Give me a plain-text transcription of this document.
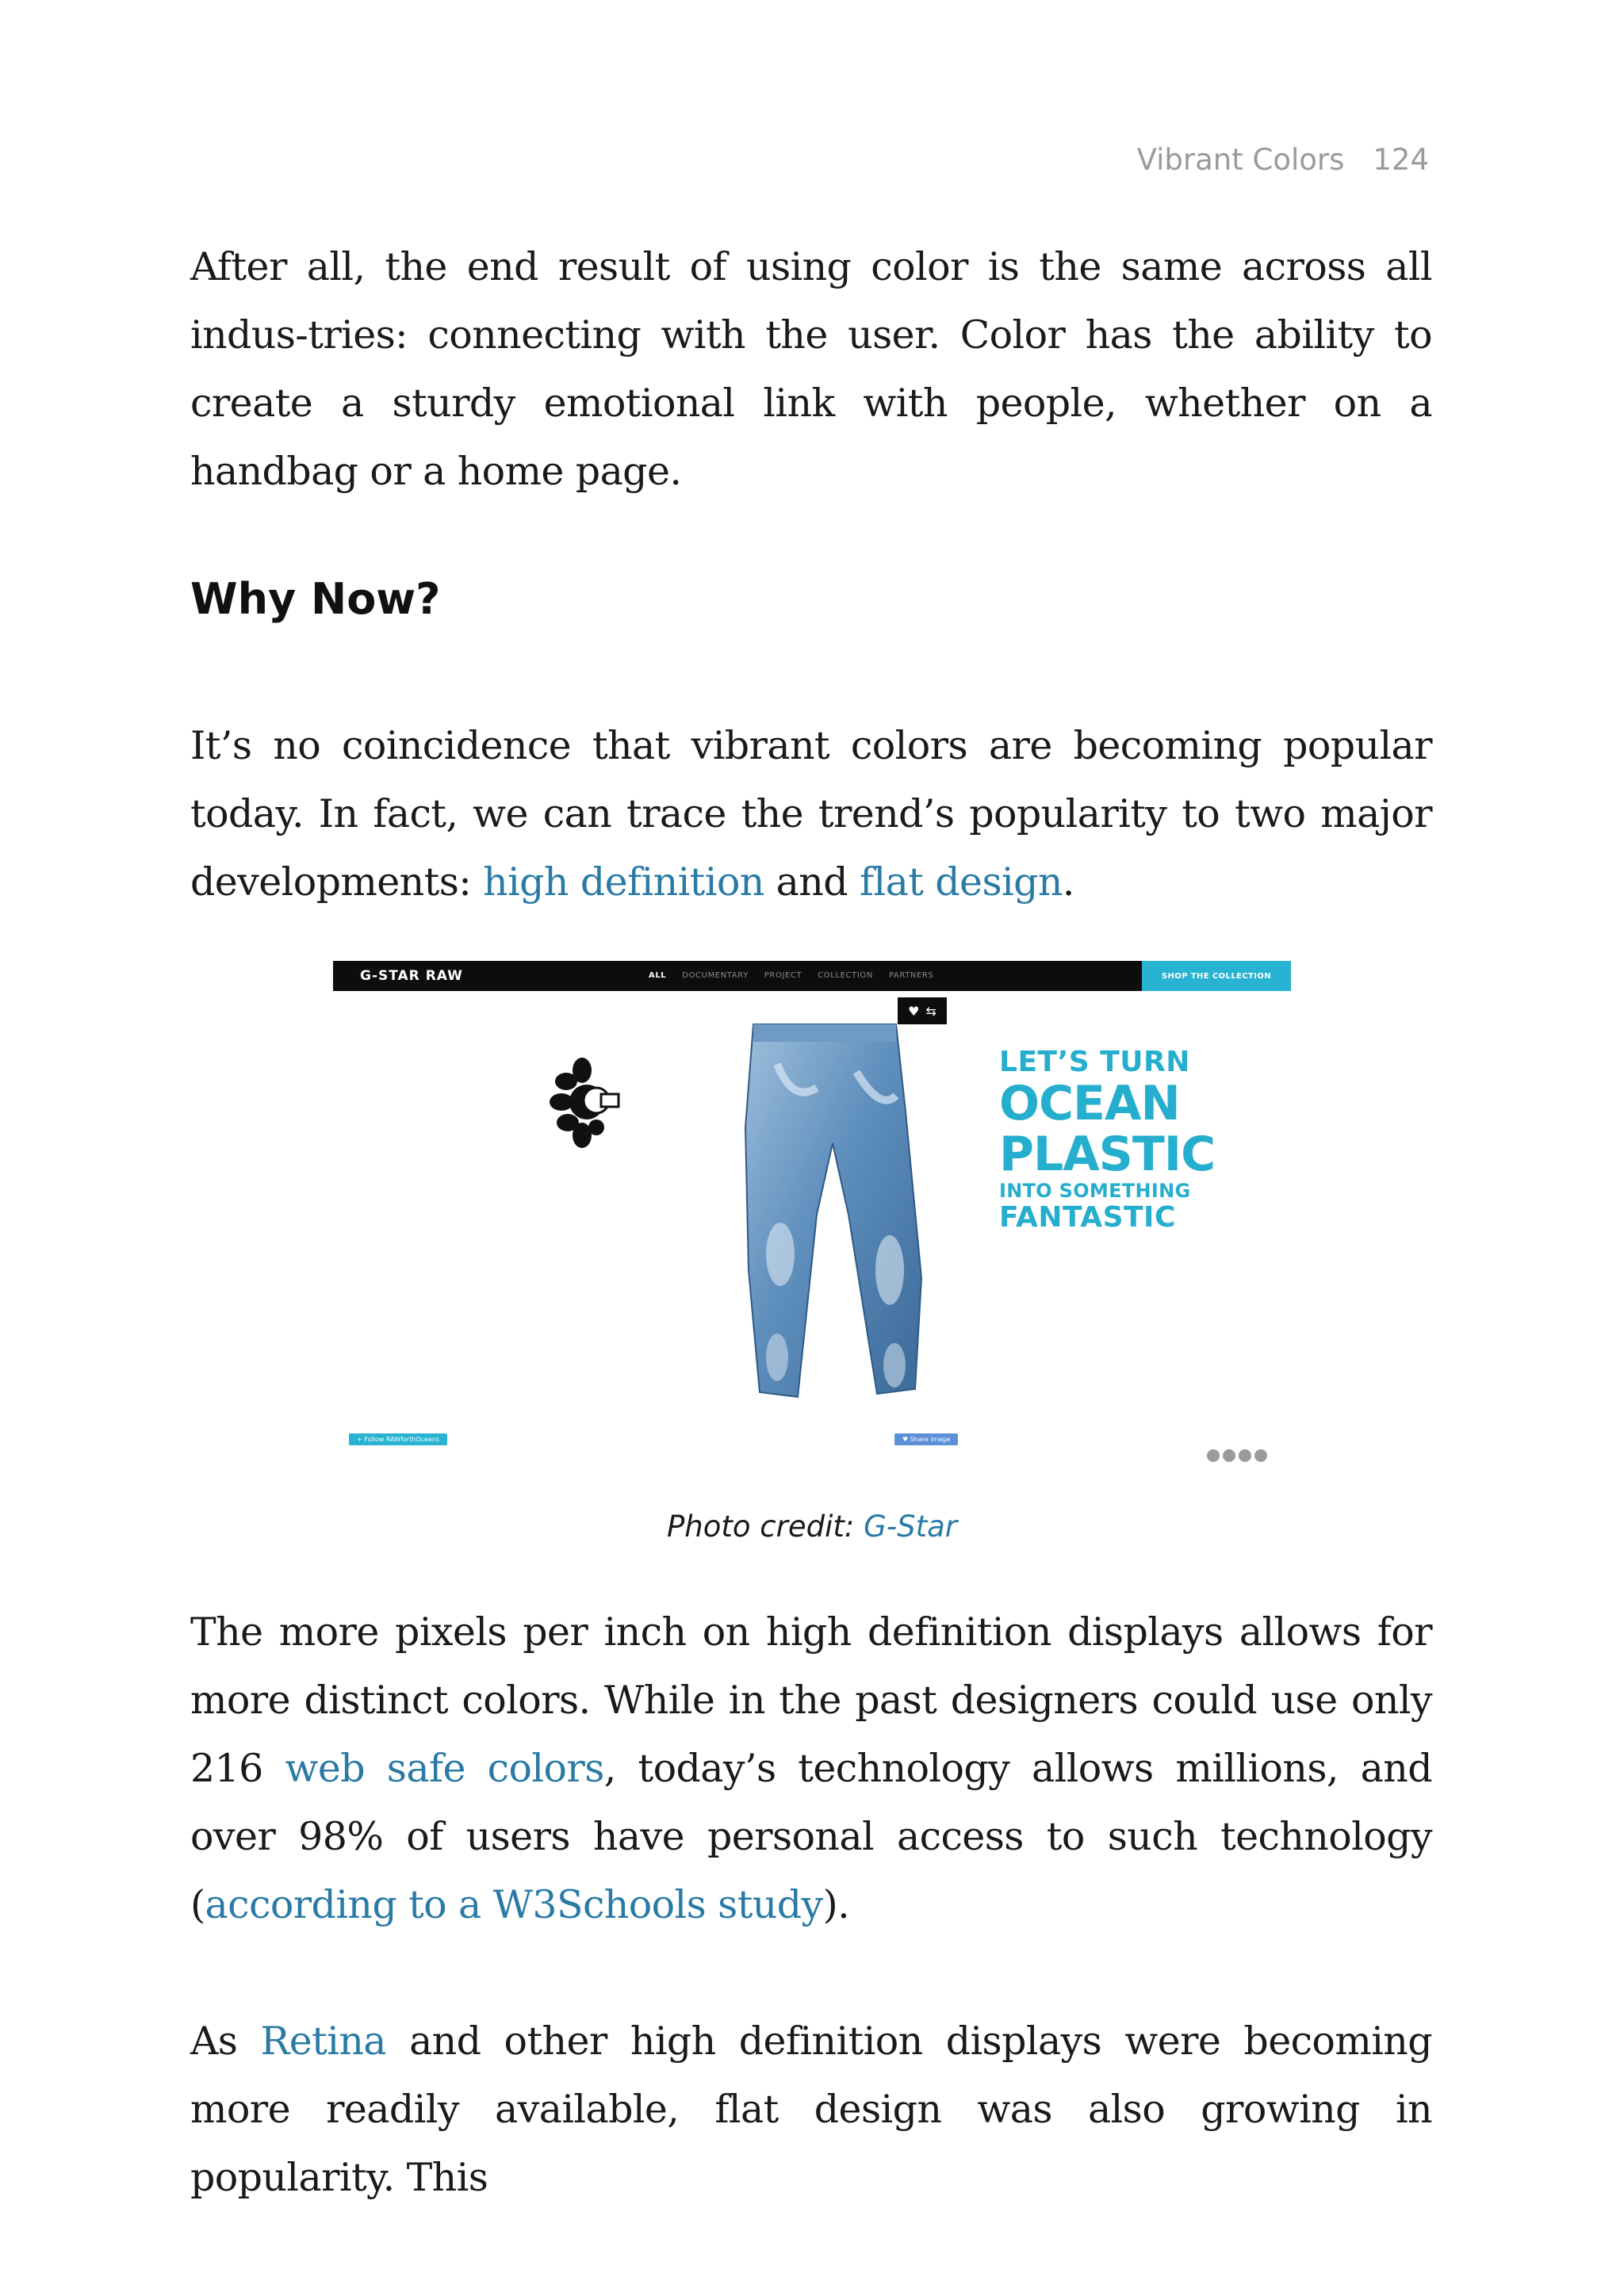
Vibrant Colors 124

After all, the end result of using color is the same across all indus-tries: connecting with the user. Color has the ability to create a sturdy emotional link with people, whether on a handbag or a home page.

Why Now?

It’s no coincidence that vibrant colors are becoming popular today. In fact, we can trace the trend’s popularity to two major developments: high definition and flat design.

G-STAR RAW	ALL DOCUMENTARY PROJECT COLLECTION PARTNERS	SHOP THE COLLECTION
♥ ⇆
LET’S TURN
OCEAN
PLASTIC
INTO SOMETHING
FANTASTIC
+ Follow RAWforthOceans	♥ Share image
Photo credit: G-Star

The more pixels per inch on high definition displays allows for more distinct colors. While in the past designers could use only 216 web safe colors, today’s technology allows millions, and over 98% of users have personal access to such technology (according to a W3Schools study).

As Retina and other high definition displays were becoming more readily available, flat design was also growing in popularity. This
